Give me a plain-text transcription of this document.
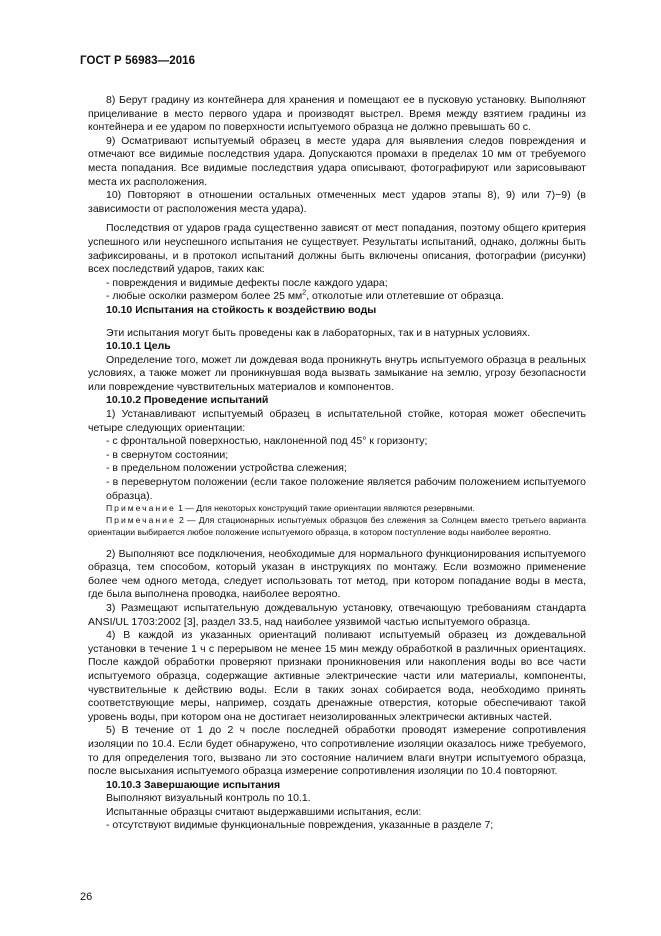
ГОСТ Р 56983—2016

8) Берут градину из контейнера для хранения и помещают ее в пусковую установку. Выполняют прицеливание в место первого удара и производят выстрел. Время между взятием градины из контейнера и ее ударом по поверхности испытуемого образца не должно превышать 60 с.

9) Осматривают испытуемый образец в месте удара для выявления следов повреждения и отмечают все видимые последствия удара. Допускаются промахи в пределах 10 мм от требуемого места попадания. Все видимые последствия удара описывают, фотографируют или зарисовывают места их расположения.

10) Повторяют в отношении остальных отмеченных мест ударов этапы 8), 9) или 7)−9) (в зависимости от расположения места удара).

Последствия от ударов града существенно зависят от мест попадания, поэтому общего критерия успешного или неуспешного испытания не существует. Результаты испытаний, однако, должны быть зафиксированы, и в протокол испытаний должны быть включены описания, фотографии (рисунки) всех последствий ударов, таких как:

- повреждения и видимые дефекты после каждого удара;

- любые осколки размером более 25 $мм^2$, отколотые или отлетевшие от образца.

10.10 Испытания на стойкость к воздействию воды

Эти испытания могут быть проведены как в лабораторных, так и в натурных условиях.

10.10.1 Цель

Определение того, может ли дождевая вода проникнуть внутрь испытуемого образца в реальных условиях, а также может ли проникнувшая вода вызвать замыкание на землю, угрозу безопасности или повреждение чувствительных материалов и компонентов.

10.10.2 Проведение испытаний

1) Устанавливают испытуемый образец в испытательной стойке, которая может обеспечить четыре следующих ориентации:

- с фронтальной поверхностью, наклоненной под 45° к горизонту;

- в свернутом состоянии;

- в предельном положении устройства слежения;

- в перевернутом положении (если такое положение является рабочим положением испытуемого образца).

Примечание 1 — Для некоторых конструкций такие ориентации являются резервными.

Примечание 2 — Для стационарных испытуемых образцов без слежения за Солнцем вместо третьего варианта ориентации выбирается любое положение испытуемого образца, в котором поступление воды наиболее вероятно.

2) Выполняют все подключения, необходимые для нормального функционирования испытуемого образца, тем способом, который указан в инструкциях по монтажу. Если возможно применение более чем одного метода, следует использовать тот метод, при котором попадание воды в места, где была выполнена проводка, наиболее вероятно.

3) Размещают испытательную дождевальную установку, отвечающую требованиям стандарта ANSI/UL 1703:2002 [3], раздел 33.5, над наиболее уязвимой частью испытуемого образца.

4) В каждой из указанных ориентаций поливают испытуемый образец из дождевальной установки в течение 1 ч с перерывом не менее 15 мин между обработкой в различных ориентациях. После каждой обработки проверяют признаки проникновения или накопления воды во все части испытуемого образца, содержащие активные электрические части или материалы, компоненты, чувствительные к действию воды. Если в таких зонах собирается вода, необходимо принять соответствующие меры, например, создать дренажные отверстия, которые обеспечивают такой уровень воды, при котором она не достигает неизолированных электрически активных частей.

5) В течение от 1 до 2 ч после последней обработки проводят измерение сопротивления изоляции по 10.4. Если будет обнаружено, что сопротивление изоляции оказалось ниже требуемого, то для определения того, вызвано ли это состояние наличием влаги внутри испытуемого образца, после высыхания испытуемого образца измерение сопротивления изоляции по 10.4 повторяют.

10.10.3 Завершающие испытания

Выполняют визуальный контроль по 10.1.

Испытанные образцы считают выдержавшими испытания, если:

- отсутствуют видимые функциональные повреждения, указанные в разделе 7;

26
